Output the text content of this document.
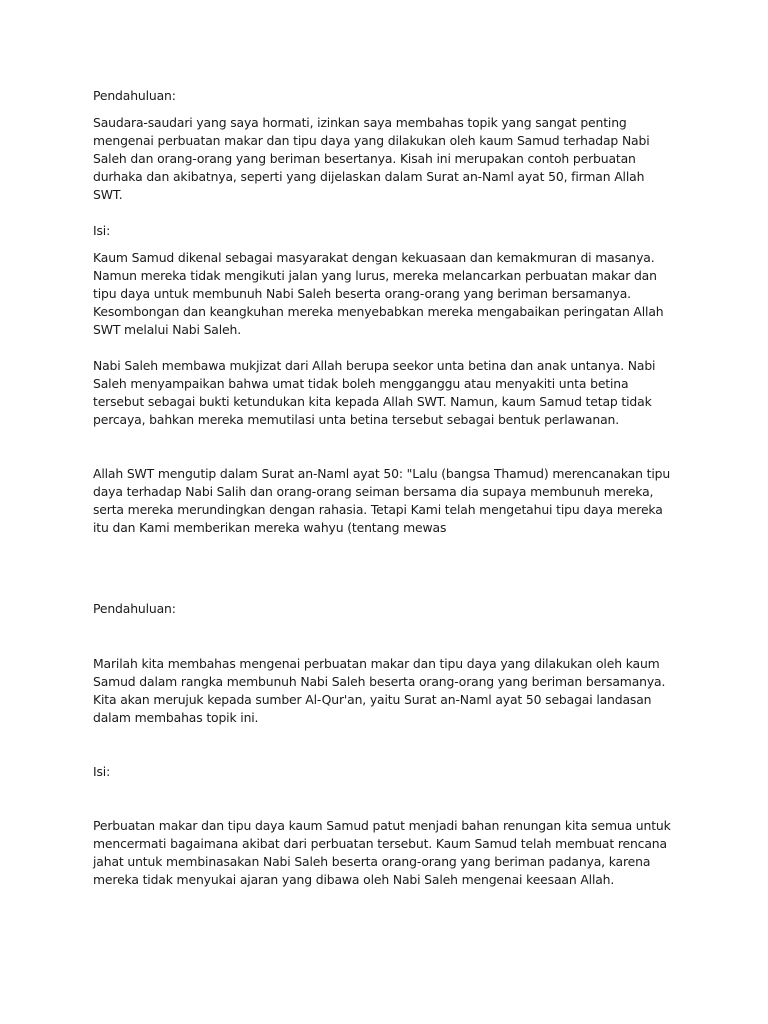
Pendahuluan:

Saudara-saudari yang saya hormati, izinkan saya membahas topik yang sangat penting mengenai perbuatan makar dan tipu daya yang dilakukan oleh kaum Samud terhadap Nabi Saleh dan orang-orang yang beriman besertanya. Kisah ini merupakan contoh perbuatan durhaka dan akibatnya, seperti yang dijelaskan dalam Surat an-Naml ayat 50, firman Allah SWT.

Isi:

Kaum Samud dikenal sebagai masyarakat dengan kekuasaan dan kemakmuran di masanya. Namun mereka tidak mengikuti jalan yang lurus, mereka melancarkan perbuatan makar dan tipu daya untuk membunuh Nabi Saleh beserta orang-orang yang beriman bersamanya. Kesombongan dan keangkuhan mereka menyebabkan mereka mengabaikan peringatan Allah SWT melalui Nabi Saleh.

Nabi Saleh membawa mukjizat dari Allah berupa seekor unta betina dan anak untanya. Nabi Saleh menyampaikan bahwa umat tidak boleh mengganggu atau menyakiti unta betina tersebut sebagai bukti ketundukan kita kepada Allah SWT. Namun, kaum Samud tetap tidak percaya, bahkan mereka memutilasi unta betina tersebut sebagai bentuk perlawanan.

Allah SWT mengutip dalam Surat an-Naml ayat 50: "Lalu (bangsa Thamud) merencanakan tipu daya terhadap Nabi Salih dan orang-orang seiman bersama dia supaya membunuh mereka, serta mereka merundingkan dengan rahasia. Tetapi Kami telah mengetahui tipu daya mereka itu dan Kami memberikan mereka wahyu (tentang mewas

Pendahuluan:

Marilah kita membahas mengenai perbuatan makar dan tipu daya yang dilakukan oleh kaum Samud dalam rangka membunuh Nabi Saleh beserta orang-orang yang beriman bersamanya. Kita akan merujuk kepada sumber Al-Qur'an, yaitu Surat an-Naml ayat 50 sebagai landasan dalam membahas topik ini.

Isi:

Perbuatan makar dan tipu daya kaum Samud patut menjadi bahan renungan kita semua untuk mencermati bagaimana akibat dari perbuatan tersebut. Kaum Samud telah membuat rencana jahat untuk membinasakan Nabi Saleh beserta orang-orang yang beriman padanya, karena mereka tidak menyukai ajaran yang dibawa oleh Nabi Saleh mengenai keesaan Allah.
